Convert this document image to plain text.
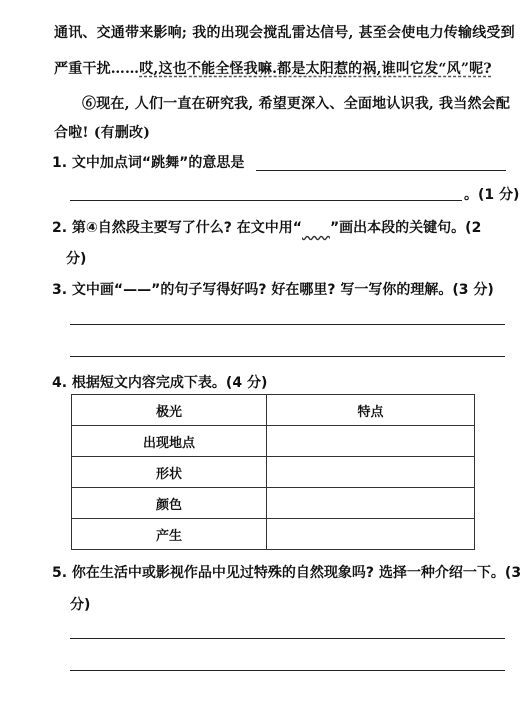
通讯、交通带来影响; 我的出现会搅乱雷达信号, 甚至会使电力传输线受到
严重干扰……哎,这也不能全怪我嘛.都是太阳惹的祸,谁叫它发“风”呢?
⑥现在, 人们一直在研究我, 希望更深入、全面地认识我, 我当然会配
合啦! (有删改)
1. 文中加点词“跳舞”的意思是
。(1 分)
2. 第④自然段主要写了什么? 在文中用“____”画出本段的关键句。(2
分)
3. 文中画“——”的句子写得好吗? 好在哪里? 写一写你的理解。(3 分)
4. 根据短文内容完成下表。(4 分)
极光	特点
出现地点	
形状	
颜色	
产生	
5. 你在生活中或影视作品中见过特殊的自然现象吗? 选择一种介绍一下。(3
分)
